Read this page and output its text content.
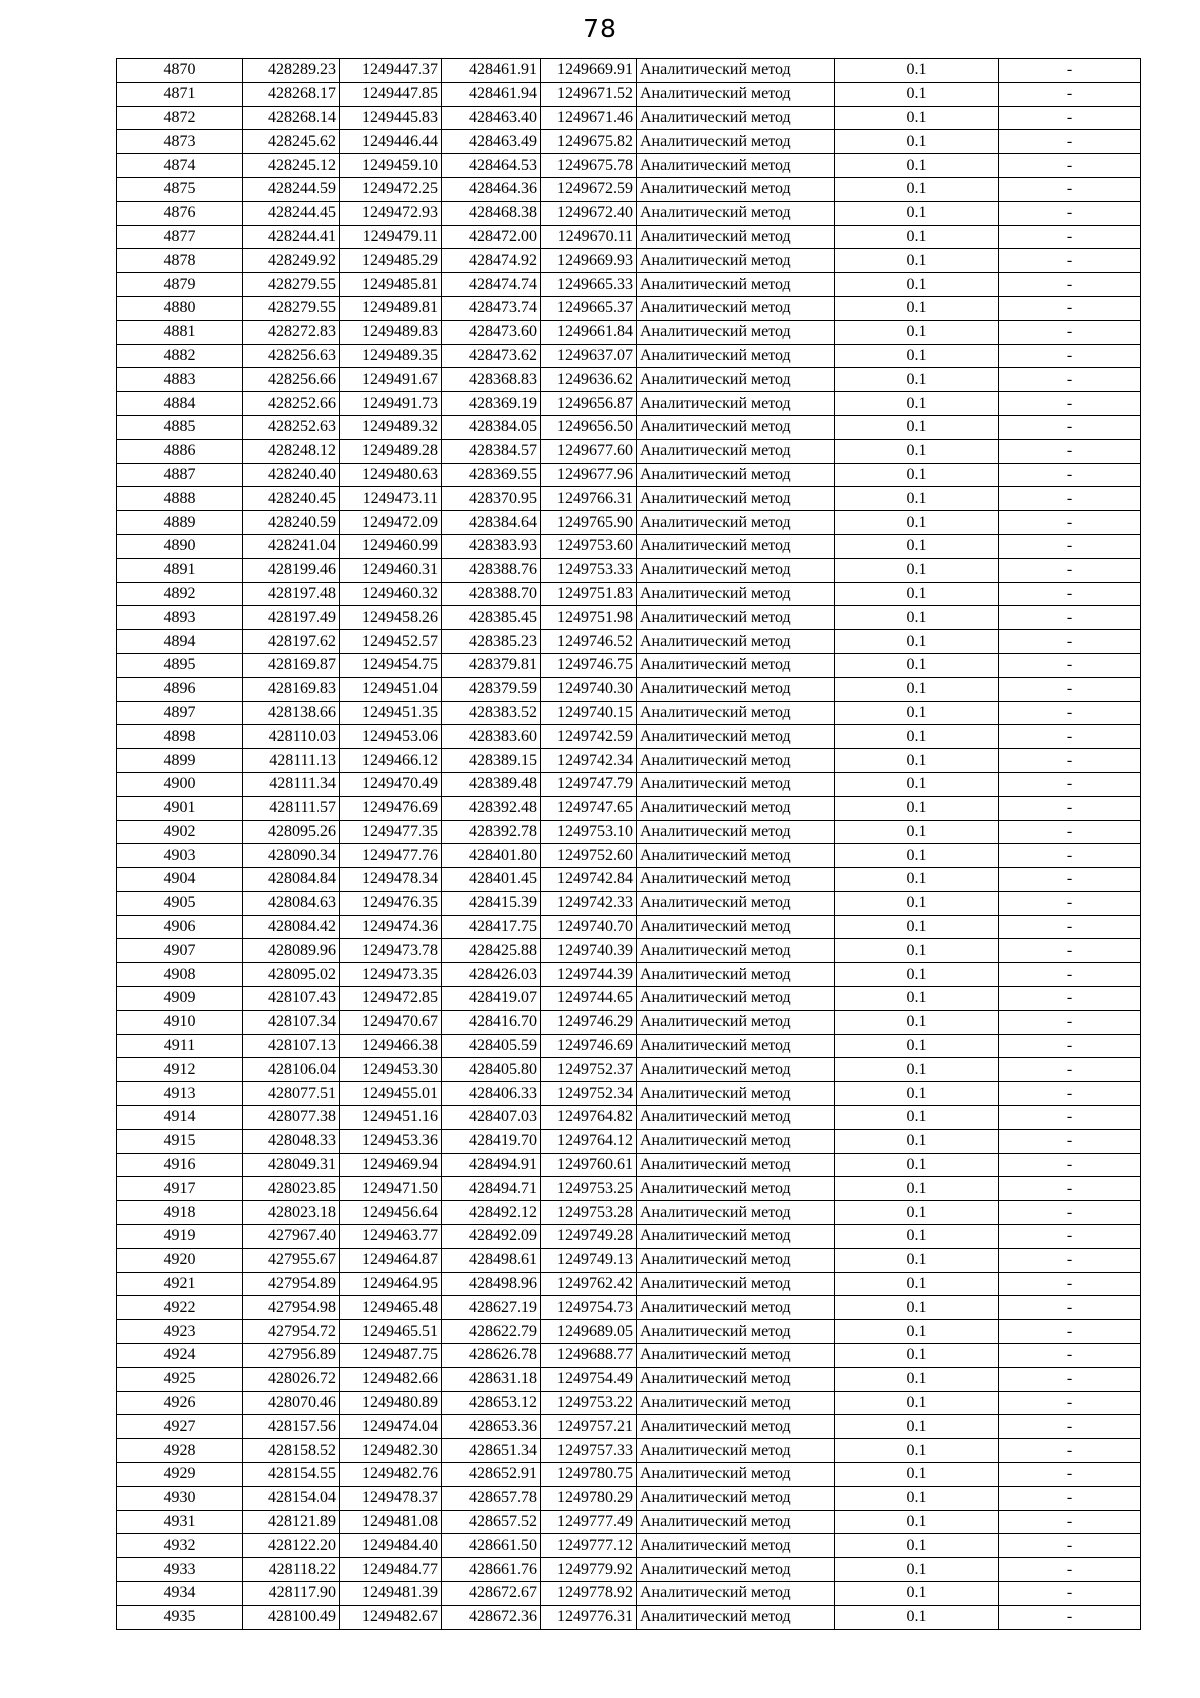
78
4870	428289.23	1249447.37	428461.91	1249669.91	Аналитический метод	0.1	-
4871	428268.17	1249447.85	428461.94	1249671.52	Аналитический метод	0.1	-
4872	428268.14	1249445.83	428463.40	1249671.46	Аналитический метод	0.1	-
4873	428245.62	1249446.44	428463.49	1249675.82	Аналитический метод	0.1	-
4874	428245.12	1249459.10	428464.53	1249675.78	Аналитический метод	0.1	-
4875	428244.59	1249472.25	428464.36	1249672.59	Аналитический метод	0.1	-
4876	428244.45	1249472.93	428468.38	1249672.40	Аналитический метод	0.1	-
4877	428244.41	1249479.11	428472.00	1249670.11	Аналитический метод	0.1	-
4878	428249.92	1249485.29	428474.92	1249669.93	Аналитический метод	0.1	-
4879	428279.55	1249485.81	428474.74	1249665.33	Аналитический метод	0.1	-
4880	428279.55	1249489.81	428473.74	1249665.37	Аналитический метод	0.1	-
4881	428272.83	1249489.83	428473.60	1249661.84	Аналитический метод	0.1	-
4882	428256.63	1249489.35	428473.62	1249637.07	Аналитический метод	0.1	-
4883	428256.66	1249491.67	428368.83	1249636.62	Аналитический метод	0.1	-
4884	428252.66	1249491.73	428369.19	1249656.87	Аналитический метод	0.1	-
4885	428252.63	1249489.32	428384.05	1249656.50	Аналитический метод	0.1	-
4886	428248.12	1249489.28	428384.57	1249677.60	Аналитический метод	0.1	-
4887	428240.40	1249480.63	428369.55	1249677.96	Аналитический метод	0.1	-
4888	428240.45	1249473.11	428370.95	1249766.31	Аналитический метод	0.1	-
4889	428240.59	1249472.09	428384.64	1249765.90	Аналитический метод	0.1	-
4890	428241.04	1249460.99	428383.93	1249753.60	Аналитический метод	0.1	-
4891	428199.46	1249460.31	428388.76	1249753.33	Аналитический метод	0.1	-
4892	428197.48	1249460.32	428388.70	1249751.83	Аналитический метод	0.1	-
4893	428197.49	1249458.26	428385.45	1249751.98	Аналитический метод	0.1	-
4894	428197.62	1249452.57	428385.23	1249746.52	Аналитический метод	0.1	-
4895	428169.87	1249454.75	428379.81	1249746.75	Аналитический метод	0.1	-
4896	428169.83	1249451.04	428379.59	1249740.30	Аналитический метод	0.1	-
4897	428138.66	1249451.35	428383.52	1249740.15	Аналитический метод	0.1	-
4898	428110.03	1249453.06	428383.60	1249742.59	Аналитический метод	0.1	-
4899	428111.13	1249466.12	428389.15	1249742.34	Аналитический метод	0.1	-
4900	428111.34	1249470.49	428389.48	1249747.79	Аналитический метод	0.1	-
4901	428111.57	1249476.69	428392.48	1249747.65	Аналитический метод	0.1	-
4902	428095.26	1249477.35	428392.78	1249753.10	Аналитический метод	0.1	-
4903	428090.34	1249477.76	428401.80	1249752.60	Аналитический метод	0.1	-
4904	428084.84	1249478.34	428401.45	1249742.84	Аналитический метод	0.1	-
4905	428084.63	1249476.35	428415.39	1249742.33	Аналитический метод	0.1	-
4906	428084.42	1249474.36	428417.75	1249740.70	Аналитический метод	0.1	-
4907	428089.96	1249473.78	428425.88	1249740.39	Аналитический метод	0.1	-
4908	428095.02	1249473.35	428426.03	1249744.39	Аналитический метод	0.1	-
4909	428107.43	1249472.85	428419.07	1249744.65	Аналитический метод	0.1	-
4910	428107.34	1249470.67	428416.70	1249746.29	Аналитический метод	0.1	-
4911	428107.13	1249466.38	428405.59	1249746.69	Аналитический метод	0.1	-
4912	428106.04	1249453.30	428405.80	1249752.37	Аналитический метод	0.1	-
4913	428077.51	1249455.01	428406.33	1249752.34	Аналитический метод	0.1	-
4914	428077.38	1249451.16	428407.03	1249764.82	Аналитический метод	0.1	-
4915	428048.33	1249453.36	428419.70	1249764.12	Аналитический метод	0.1	-
4916	428049.31	1249469.94	428494.91	1249760.61	Аналитический метод	0.1	-
4917	428023.85	1249471.50	428494.71	1249753.25	Аналитический метод	0.1	-
4918	428023.18	1249456.64	428492.12	1249753.28	Аналитический метод	0.1	-
4919	427967.40	1249463.77	428492.09	1249749.28	Аналитический метод	0.1	-
4920	427955.67	1249464.87	428498.61	1249749.13	Аналитический метод	0.1	-
4921	427954.89	1249464.95	428498.96	1249762.42	Аналитический метод	0.1	-
4922	427954.98	1249465.48	428627.19	1249754.73	Аналитический метод	0.1	-
4923	427954.72	1249465.51	428622.79	1249689.05	Аналитический метод	0.1	-
4924	427956.89	1249487.75	428626.78	1249688.77	Аналитический метод	0.1	-
4925	428026.72	1249482.66	428631.18	1249754.49	Аналитический метод	0.1	-
4926	428070.46	1249480.89	428653.12	1249753.22	Аналитический метод	0.1	-
4927	428157.56	1249474.04	428653.36	1249757.21	Аналитический метод	0.1	-
4928	428158.52	1249482.30	428651.34	1249757.33	Аналитический метод	0.1	-
4929	428154.55	1249482.76	428652.91	1249780.75	Аналитический метод	0.1	-
4930	428154.04	1249478.37	428657.78	1249780.29	Аналитический метод	0.1	-
4931	428121.89	1249481.08	428657.52	1249777.49	Аналитический метод	0.1	-
4932	428122.20	1249484.40	428661.50	1249777.12	Аналитический метод	0.1	-
4933	428118.22	1249484.77	428661.76	1249779.92	Аналитический метод	0.1	-
4934	428117.90	1249481.39	428672.67	1249778.92	Аналитический метод	0.1	-
4935	428100.49	1249482.67	428672.36	1249776.31	Аналитический метод	0.1	-
